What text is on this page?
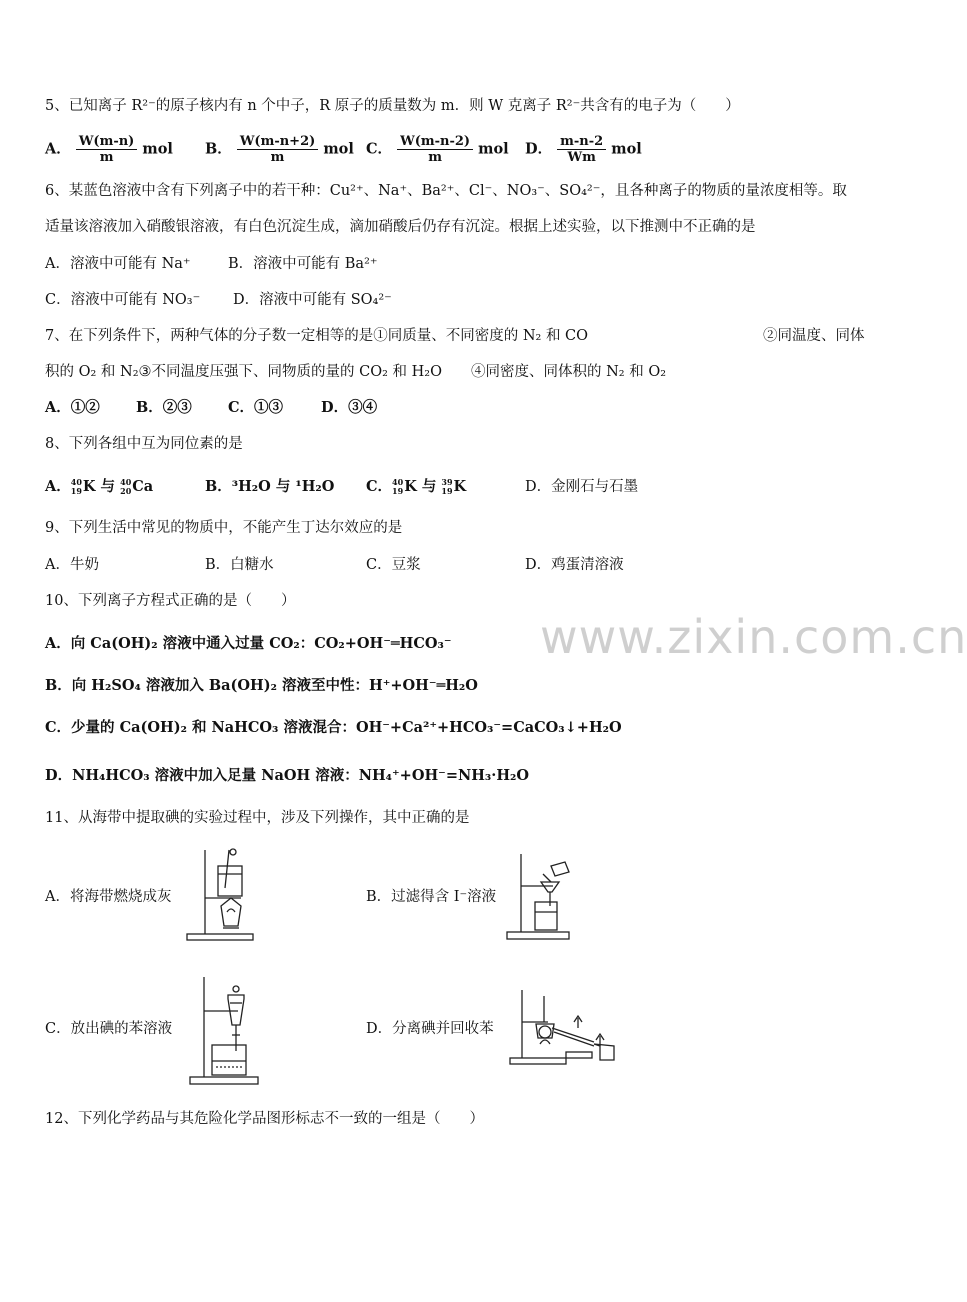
www.zixin.com.cn
5、已知离子 R²⁻的原子核内有 n 个中子，R 原子的质量数为 m．则 W 克离子 R²⁻共含有的电子为（　　）
A． $\frac{W(m-n)}{m}$ mol B． $\frac{W(m-n+2)}{m}$ mol C． $\frac{W(m-n-2)}{m}$ mol D． $\frac{m-n-2}{Wm}$ mol
6、某蓝色溶液中含有下列离子中的若干种：Cu²⁺、Na⁺、Ba²⁺、Cl⁻、NO₃⁻、SO₄²⁻，且各种离子的物质的量浓度相等。取
适量该溶液加入硝酸银溶液，有白色沉淀生成，滴加硝酸后仍存有沉淀。根据上述实验，以下推测中不正确的是
A．溶液中可能有 Na⁺	B．溶液中可能有 Ba²⁺
C．溶液中可能有 NO₃⁻ D．溶液中可能有 SO₄²⁻
7、在下列条件下，两种气体的分子数一定相等的是①同质量、不同密度的 N₂ 和 CO	②同温度、同体
积的 O₂ 和 N₂③不同温度压强下、同物质的量的 CO₂ 和 H₂O　　④同密度、同体积的 N₂ 和 O₂
A．①②	B．②③ C．①③	D．③④
8、下列各组中互为同位素的是
A．40
19K 与 40
20Ca	B．³H₂O 与 ¹H₂O C．40
19K 与 39
19K	D．金刚石与石墨
9、下列生活中常见的物质中，不能产生丁达尔效应的是
A．牛奶	B．白糖水	C．豆浆	D．鸡蛋清溶液
10、下列离子方程式正确的是（　　）
A．向 Ca(OH)₂ 溶液中通入过量 CO₂：CO₂+OH⁻═HCO₃⁻
B．向 H₂SO₄ 溶液加入 Ba(OH)₂ 溶液至中性：H⁺+OH⁻═H₂O
C．少量的 Ca(OH)₂ 和 NaHCO₃ 溶液混合：OH⁻+Ca²⁺+HCO₃⁻=CaCO₃↓+H₂O
D．NH₄HCO₃ 溶液中加入足量 NaOH 溶液：NH₄⁺+OH⁻=NH₃·H₂O
11、从海带中提取碘的实验过程中，涉及下列操作，其中正确的是
A．将海带燃烧成灰	B．过滤得含 I⁻溶液
C．放出碘的苯溶液	D．分离碘并回收苯
12、下列化学药品与其危险化学品图形标志不一致的一组是（　　）
